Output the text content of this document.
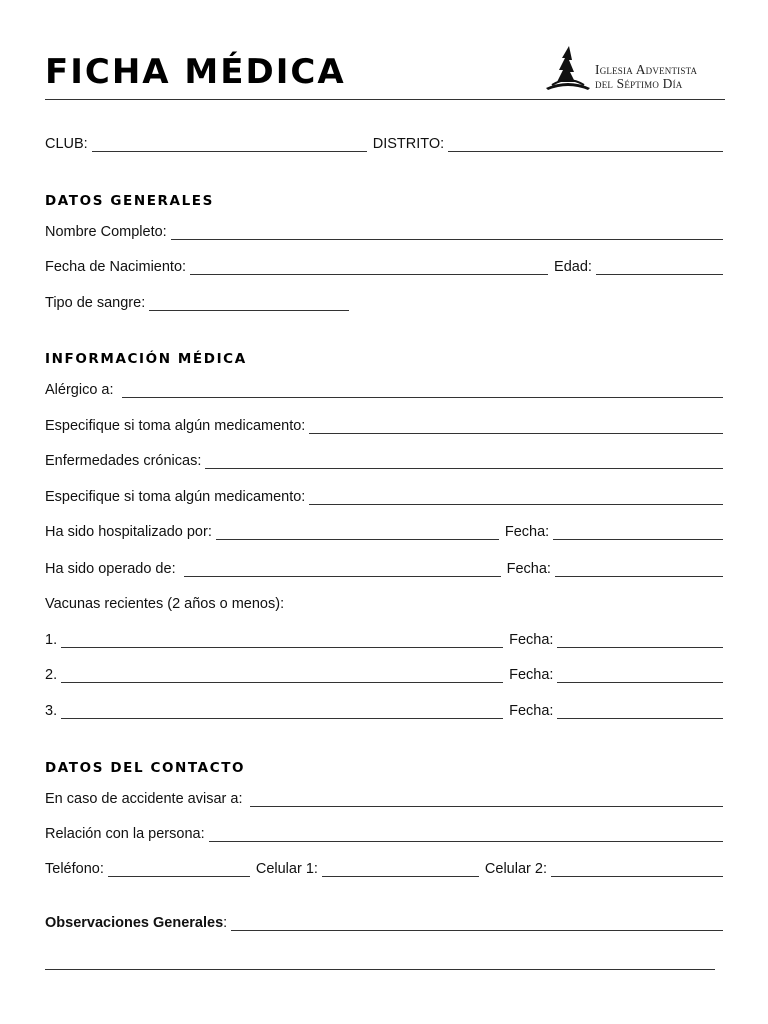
FICHA MÉDICA	Iglesia Adventista
del Séptimo Día
CLUB:	DISTRITO:
DATOS GENERALES
Nombre Completo:
Fecha de Nacimiento:	Edad:
Tipo de sangre:
INFORMACIÓN MÉDICA
Alérgico a:
Especifique si toma algún medicamento:
Enfermedades crónicas:
Especifique si toma algún medicamento:
Ha sido hospitalizado por:	Fecha:
Ha sido operado de:	Fecha:
Vacunas recientes (2 años o menos):
1.	Fecha:
2.	Fecha:
3.	Fecha:
DATOS DEL CONTACTO
En caso de accidente avisar a:
Relación con la persona:
Teléfono:	Celular 1:	Celular 2:
Observaciones Generales :
